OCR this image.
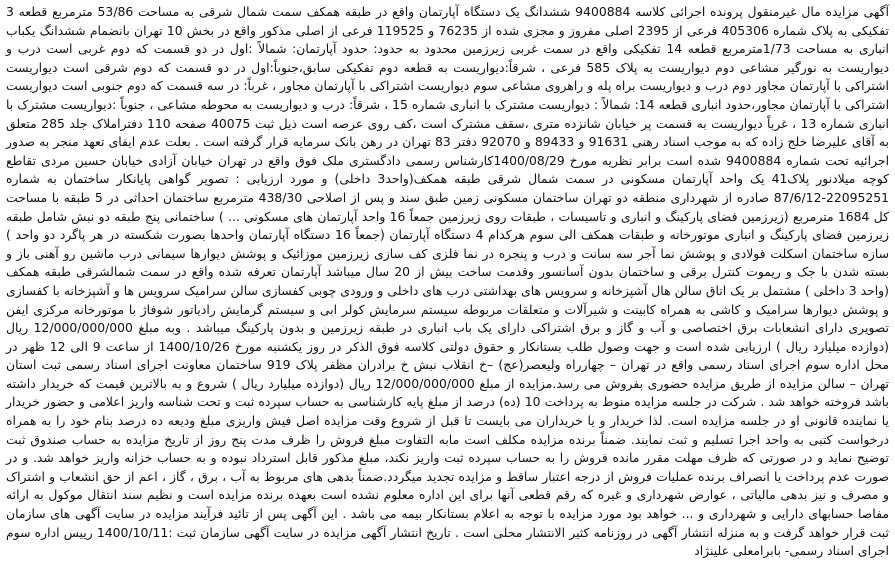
آگهی مزایده مال غیرمنقول پرونده اجرائی کلاسه 9400884 ششدانگ یک دستگاه آپارتمان واقع در طبقه همکف سمت شمال شرقی به مساحت 53/86 مترمربع قطعه 3 تفکیکی به پلاک شماره 405306 فرعی از 2395 اصلی مفروز و مجزی شده از 76235 و 119525 فرعی از اصلی مذکور واقع در بخش 10 تهران بانضمام ششدانگ یکباب انباری به مساحت 1/73مترمربع قطعه 14 تفکیکی واقع در سمت غربی زیرزمین محدود به حدود: حدود آپارتمان: شمالاً :اول در دو قسمت که دوم غربی است درب و دیواریست به نورگیر مشاعی دوم دیواریست به پلاک 585 فرعی ، شرقاً:دیواریست به قطعه دوم تفکیکی سابق،جنوباً:اول در دو قسمت که دوم شرقی است دیواریست اشتراکی با آپارتمان مجاور دوم درب و دیواریست براه پله و راهروی مشاعی سوم دیواریست اشتراکی با آپارتمان مجاور ، غرباً: در سه قسمت که دوم جنوبی است دیواریست اشتراکی با آپارتمان مجاور،حدود انباری قطعه 14: شمالاً : دیواریست مشترک با انباری شماره 15 ، شرقاً: درب و دیواریست به محوطه مشاعی ، جنوباً :دیواریست مشترک با انباری شماره 13 ، غرباً دیواریست به قسمت پر خیابان شانزده متری ،سقف مشترک است ،کف روی عرصه است ذیل ثبت 40075 صفحه 110 دفتراملاک جلد 285 متعلق به آقای علیرضا خلج زاده که به موجب اسناد رهنی 91631 و 89433 و 92070 دفتر 83 تهران در رهن بانک سرمایه قرار گرفته است . بعلت عدم ایفای تعهد منجر به صدور اجرائیه تحت شماره 9400884 شده است برابر نظریه مورخ 1400/08/29کارشناس رسمی دادگستری ملک فوق واقع در تهران خیابان آزادی خیابان حسین مردی تقاطع کوچه میلادنور پلاک41 یک واحد آپارتمان مسکونی در سمت شمال شرقی طبقه همکف(واحد3 داخلی) و مورد ارزیابی : تصویر گواهی پایانکار ساختمان به شماره 22095251-87/6/12 صادره از شهرداری منطقه دو تهران ساختمان مسکونی زمین طبق سند و پس از اصلاحی 438/30 مترمربع ساختمان احداثی در 5 طبقه با مساحت کل 1684 مترمربع (زیرزمین فضای پارکینگ و انباری و تاسیسات ، طبقات روی زیرزمین جمعاً 16 واحد آپارتمان های مسکونی ... ) ساختمانی پنج طبقه دو نبش شامل طبقه زیرزمین فضای پارکینگ و انباری موتورخانه و طبقات همکف الی سوم هرکدام 4 دستگاه آپارتمان (جمعاً 16 دستگاه آپارتمان واحدها بصورت شکسته در هر پاگرد دو واحد ) سازه ساختمان اسکلت فولادی و پوشش نما آجر سه سانت و درب و پنجره در نما فلزی کف سازی زیرزمین موزائیک و پوشش دیوارها سیمانی درب ماشین رو آهنی باز و بسته شدن با جک و ریموت کنترل برقی و ساختمان بدون آسانسور وقدمت ساخت بیش از 20 سال میباشد آپارتمان تعرفه شده واقع در سمت شمالشرقی طبقه همکف (واحد 3 داخلی ) مشتمل بر یک اتاق سالن هال آشپزخانه و سرویس های بهداشتی درب های داخلی و ورودی چوبی کفسازی سالن سرامیک سرویس ها و آشپزخانه با کفسازی و پوشش دیوارها سرامیک و کاشی به همراه کابینت و شیرآلات و متعلقات مربوطه سیستم سرمایش کولر ابی و سیستم گرمایش رادیاتور شوفاژ با موتورخانه مرکزی ایفن تصویری دارای انشعابات برق اختصاصی و آب و گاز و برق اشتراکی دارای یک باب انباری در طبقه زیرزمین و بدون پارکینگ میباشد . وبه مبلغ 12/000/000/000 ریال (دوازده میلیارد ریال ) ارزیابی شده است و جهت وصول طلب بستانکار و حقوق دولتی کلاسه فوق الذکر در روز یکشنبه مورخ 1400/10/26 از ساعت 9 الی 12 ظهر در محل اداره سوم اجرای اسناد رسمی واقع در تهران – چهارراه ولیعصر(عج) –خ انقلاب نبش خ برادران مظفر پلاک 919 ساختمان معاونت اجرای اسناد رسمی ثبت استان تهران – سالن مزایده از طریق مزایده حضوری بفروش می رسد.مزایده از مبلغ 12/000/000/000 ریال (دوازده میلیارد ریال ) شروع و به بالاترین قیمت که خریدار داشته باشد فروخته خواهد شد . شرکت در جلسه مزایده منوط به پرداخت 10 (ده) درصد از مبلغ پایه کارشناسی به حساب سپرده ثبت و تحت شناسه واریز اعلامی و حضور خریدار یا نماینده قانونی او در جلسه مزایده است. لذا خریدار و یا خریداران می بایست تا قبل از شروع وقت مزایده اصل فیش واریزی مبلغ ودیعه ده درصد بنام خود را به همراه درخواست کتبی به واحد اجرا تسلیم و ثبت نمایند. ضمناً برنده مزایده مکلف است مابه التفاوت مبلغ فروش را ظرف مدت پنج روز از تاریخ مزایده به حساب صندوق ثبت توضیح نماید و در صورتی که ظرف مهلت مقرر مانده فروش را به حساب سپرده ثبت واریز نکند، مبلغ مذکور قابل استرداد نبوده و به حساب خزانه واریز خواهد شد. و در صورت عدم پرداخت یا انصراف برنده عملیات فروش از درجه اعتبار ساقط و مزایده تجدید میگردد.ضمناً بدهی های مربوط به آب ، برق ، گاز ، اعم از حق انشعاب و اشتراک و مصرف و نیز بدهی مالیاتی ، عوارض شهرداری و غیره که رقم قطعی آنها برای این اداره معلوم نشده است بعهده برنده مزایده است و نظیم سند انتقال موکول به ارائه مفاصا حسابهای دارایی و شهرداری و ... خواهد بود مورد مزایده با توجه به اعلام بستانکار بیمه می باشد . این آگهی پس از تائید فرآیند مزایده در سایت آگهی های سازمان ثبت قرار خواهد گرفت و به منزله انتشار آگهی در روزنامه کثیر الانتشار محلی است . تاریخ انتشار آگهی مزایده در سایت آگهی سازمان ثبت :1400/10/11 رییس اداره سوم اجرای اسناد رسمی- بابرامعلی علینژاد
